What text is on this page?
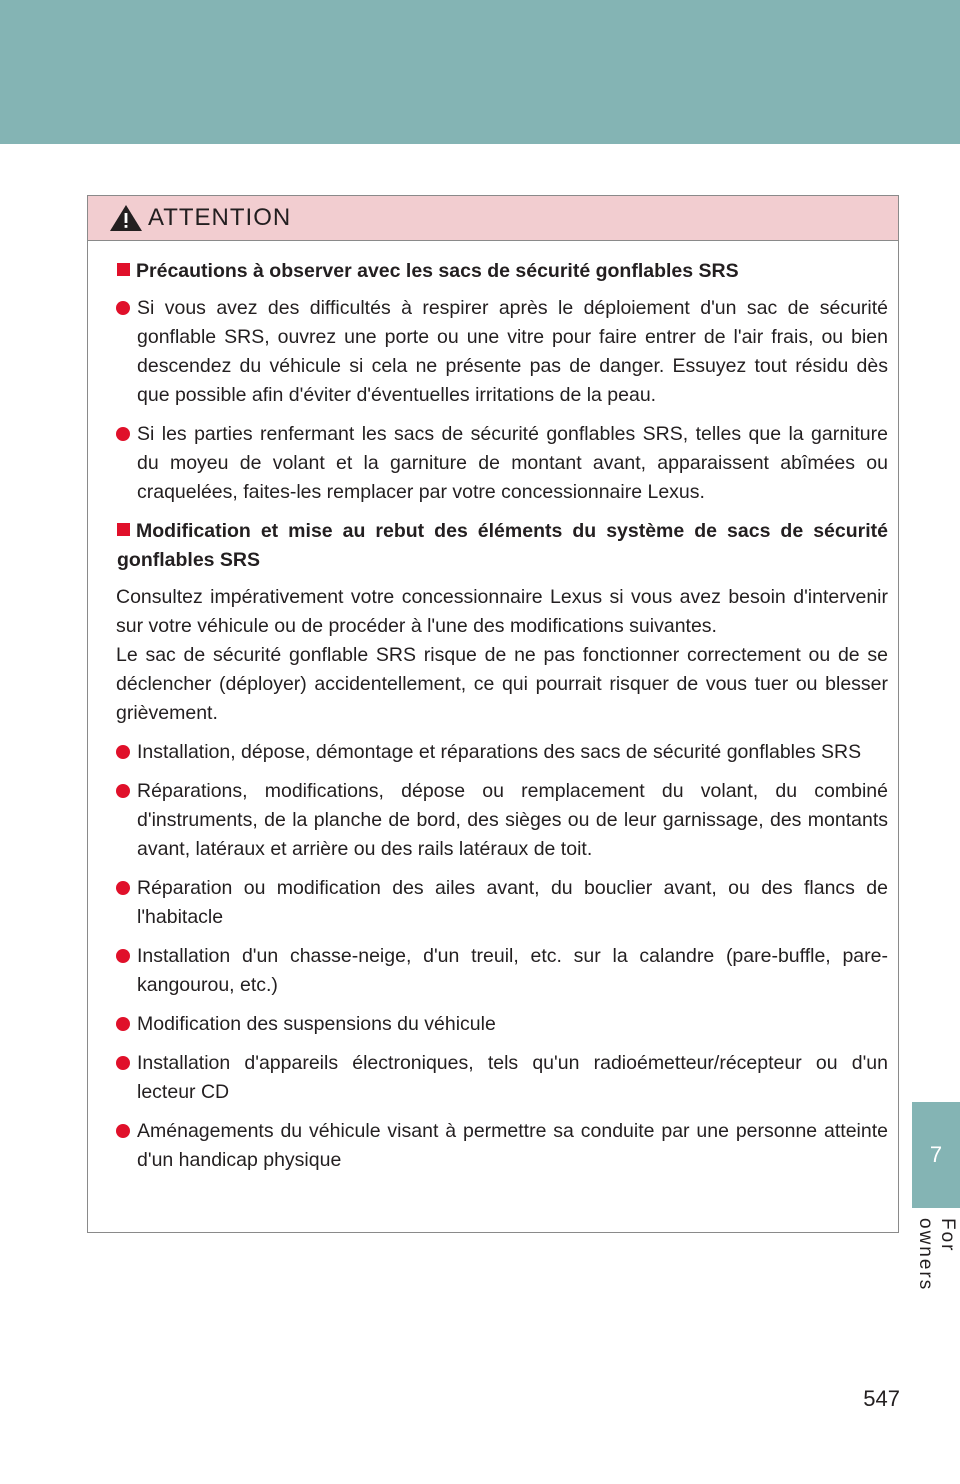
ATTENTION
Précautions à observer avec les sacs de sécurité gonflables SRS
Si vous avez des difficultés à respirer après le déploiement d'un sac de sécurité gonflable SRS, ouvrez une porte ou une vitre pour faire entrer de l'air frais, ou bien descendez du véhicule si cela ne présente pas de danger. Essuyez tout résidu dès que possible afin d'éviter d'éventuelles irritations de la peau.
Si les parties renfermant les sacs de sécurité gonflables SRS, telles que la garniture du moyeu de volant et la garniture de montant avant, apparaissent abîmées ou craquelées, faites-les remplacer par votre concessionnaire Lexus.
Modification et mise au rebut des éléments du système de sacs de sécurité gonflables SRS
Consultez impérativement votre concessionnaire Lexus si vous avez besoin d'intervenir sur votre véhicule ou de procéder à l'une des modifications suivantes.
Le sac de sécurité gonflable SRS risque de ne pas fonctionner correctement ou de se déclencher (déployer) accidentellement, ce qui pourrait risquer de vous tuer ou blesser grièvement.
Installation, dépose, démontage et réparations des sacs de sécurité gonflables SRS
Réparations, modifications, dépose ou remplacement du volant, du combiné d'instruments, de la planche de bord, des sièges ou de leur garnissage, des montants avant, latéraux et arrière ou des rails latéraux de toit.
Réparation ou modification des ailes avant, du bouclier avant, ou des flancs de l'habitacle
Installation d'un chasse-neige, d'un treuil, etc. sur la calandre (pare-buffle, pare-kangourou, etc.)
Modification des suspensions du véhicule
Installation d'appareils électroniques, tels qu'un radioémetteur/récepteur ou d'un lecteur CD
Aménagements du véhicule visant à permettre sa conduite par une personne atteinte d'un handicap physique	7
For owners
547
